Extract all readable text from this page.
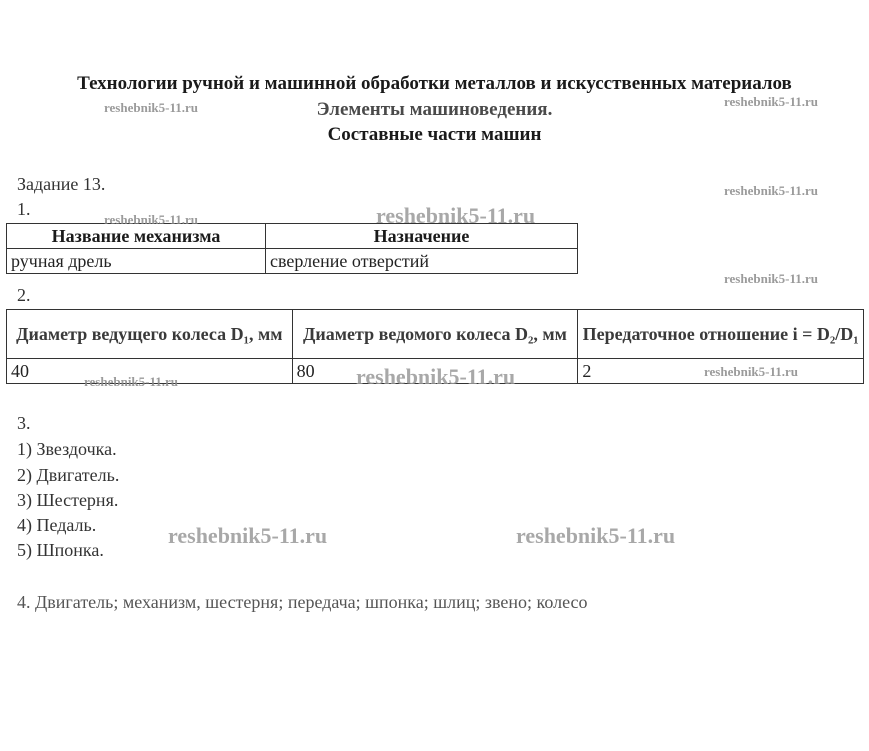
Технологии ручной и машинной обработки металлов и искусственных материалов
Элементы машиноведения.
Составные части машин
Задание 13.
1.
Название механизма	Назначение
ручная дрель	сверление отверстий
2.
Диаметр ведущего колеса D₁, мм	Диаметр ведомого колеса D₂, мм	Передаточное отношение i = D₂/D₁
40	80	2
3.
1) Звездочка.
2) Двигатель.
3) Шестерня.
4) Педаль.
5) Шпонка.
4. Двигатель; механизм, шестерня; передача; шпонка; шлиц; звено; колесо
reshebnik5-11.ru	reshebnik5-11.ru
reshebnik5-11.ru
reshebnik5-11.ru	reshebnik5-11.ru
reshebnik5-11.ru
reshebnik5-11.ru	reshebnik5-11.ru	reshebnik5-11.ru
reshebnik5-11.ru	reshebnik5-11.ru
